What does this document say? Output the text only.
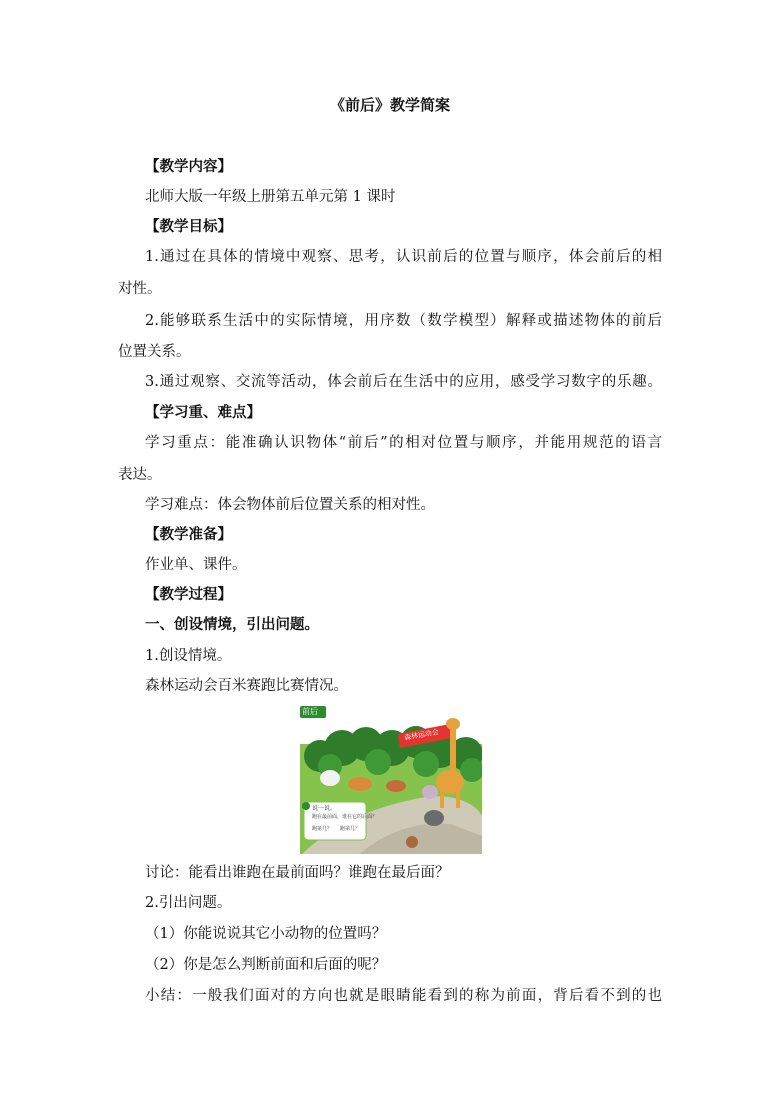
《前后》教学简案
【教学内容】
北师大版一年级上册第五单元第 1 课时
【教学目标】
1.通过在具体的情境中观察、思考，认识前后的位置与顺序，体会前后的相
对性。
2.能够联系生活中的实际情境，用序数（数学模型）解释或描述物体的前后
位置关系。
3.通过观察、交流等活动，体会前后在生活中的应用，感受学习数字的乐趣。
【学习重、难点】
学习重点：能准确认识物体“前后”的相对位置与顺序，并能用规范的语言
表达。
学习难点：体会物体前后位置关系的相对性。
【教学准备】
作业单、课件。
【教学过程】
一、创设情境，引出问题。
1.创设情境。
森林运动会百米赛跑比赛情况。
前后
森林运动会
说一说。
跑在最前面，谁在它的后面？
跑第几？ 跑第几？
讨论：能看出谁跑在最前面吗？谁跑在最后面？
2.引出问题。
（1）你能说说其它小动物的位置吗？
（2）你是怎么判断前面和后面的呢？
小结：一般我们面对的方向也就是眼睛能看到的称为前面，背后看不到的也
